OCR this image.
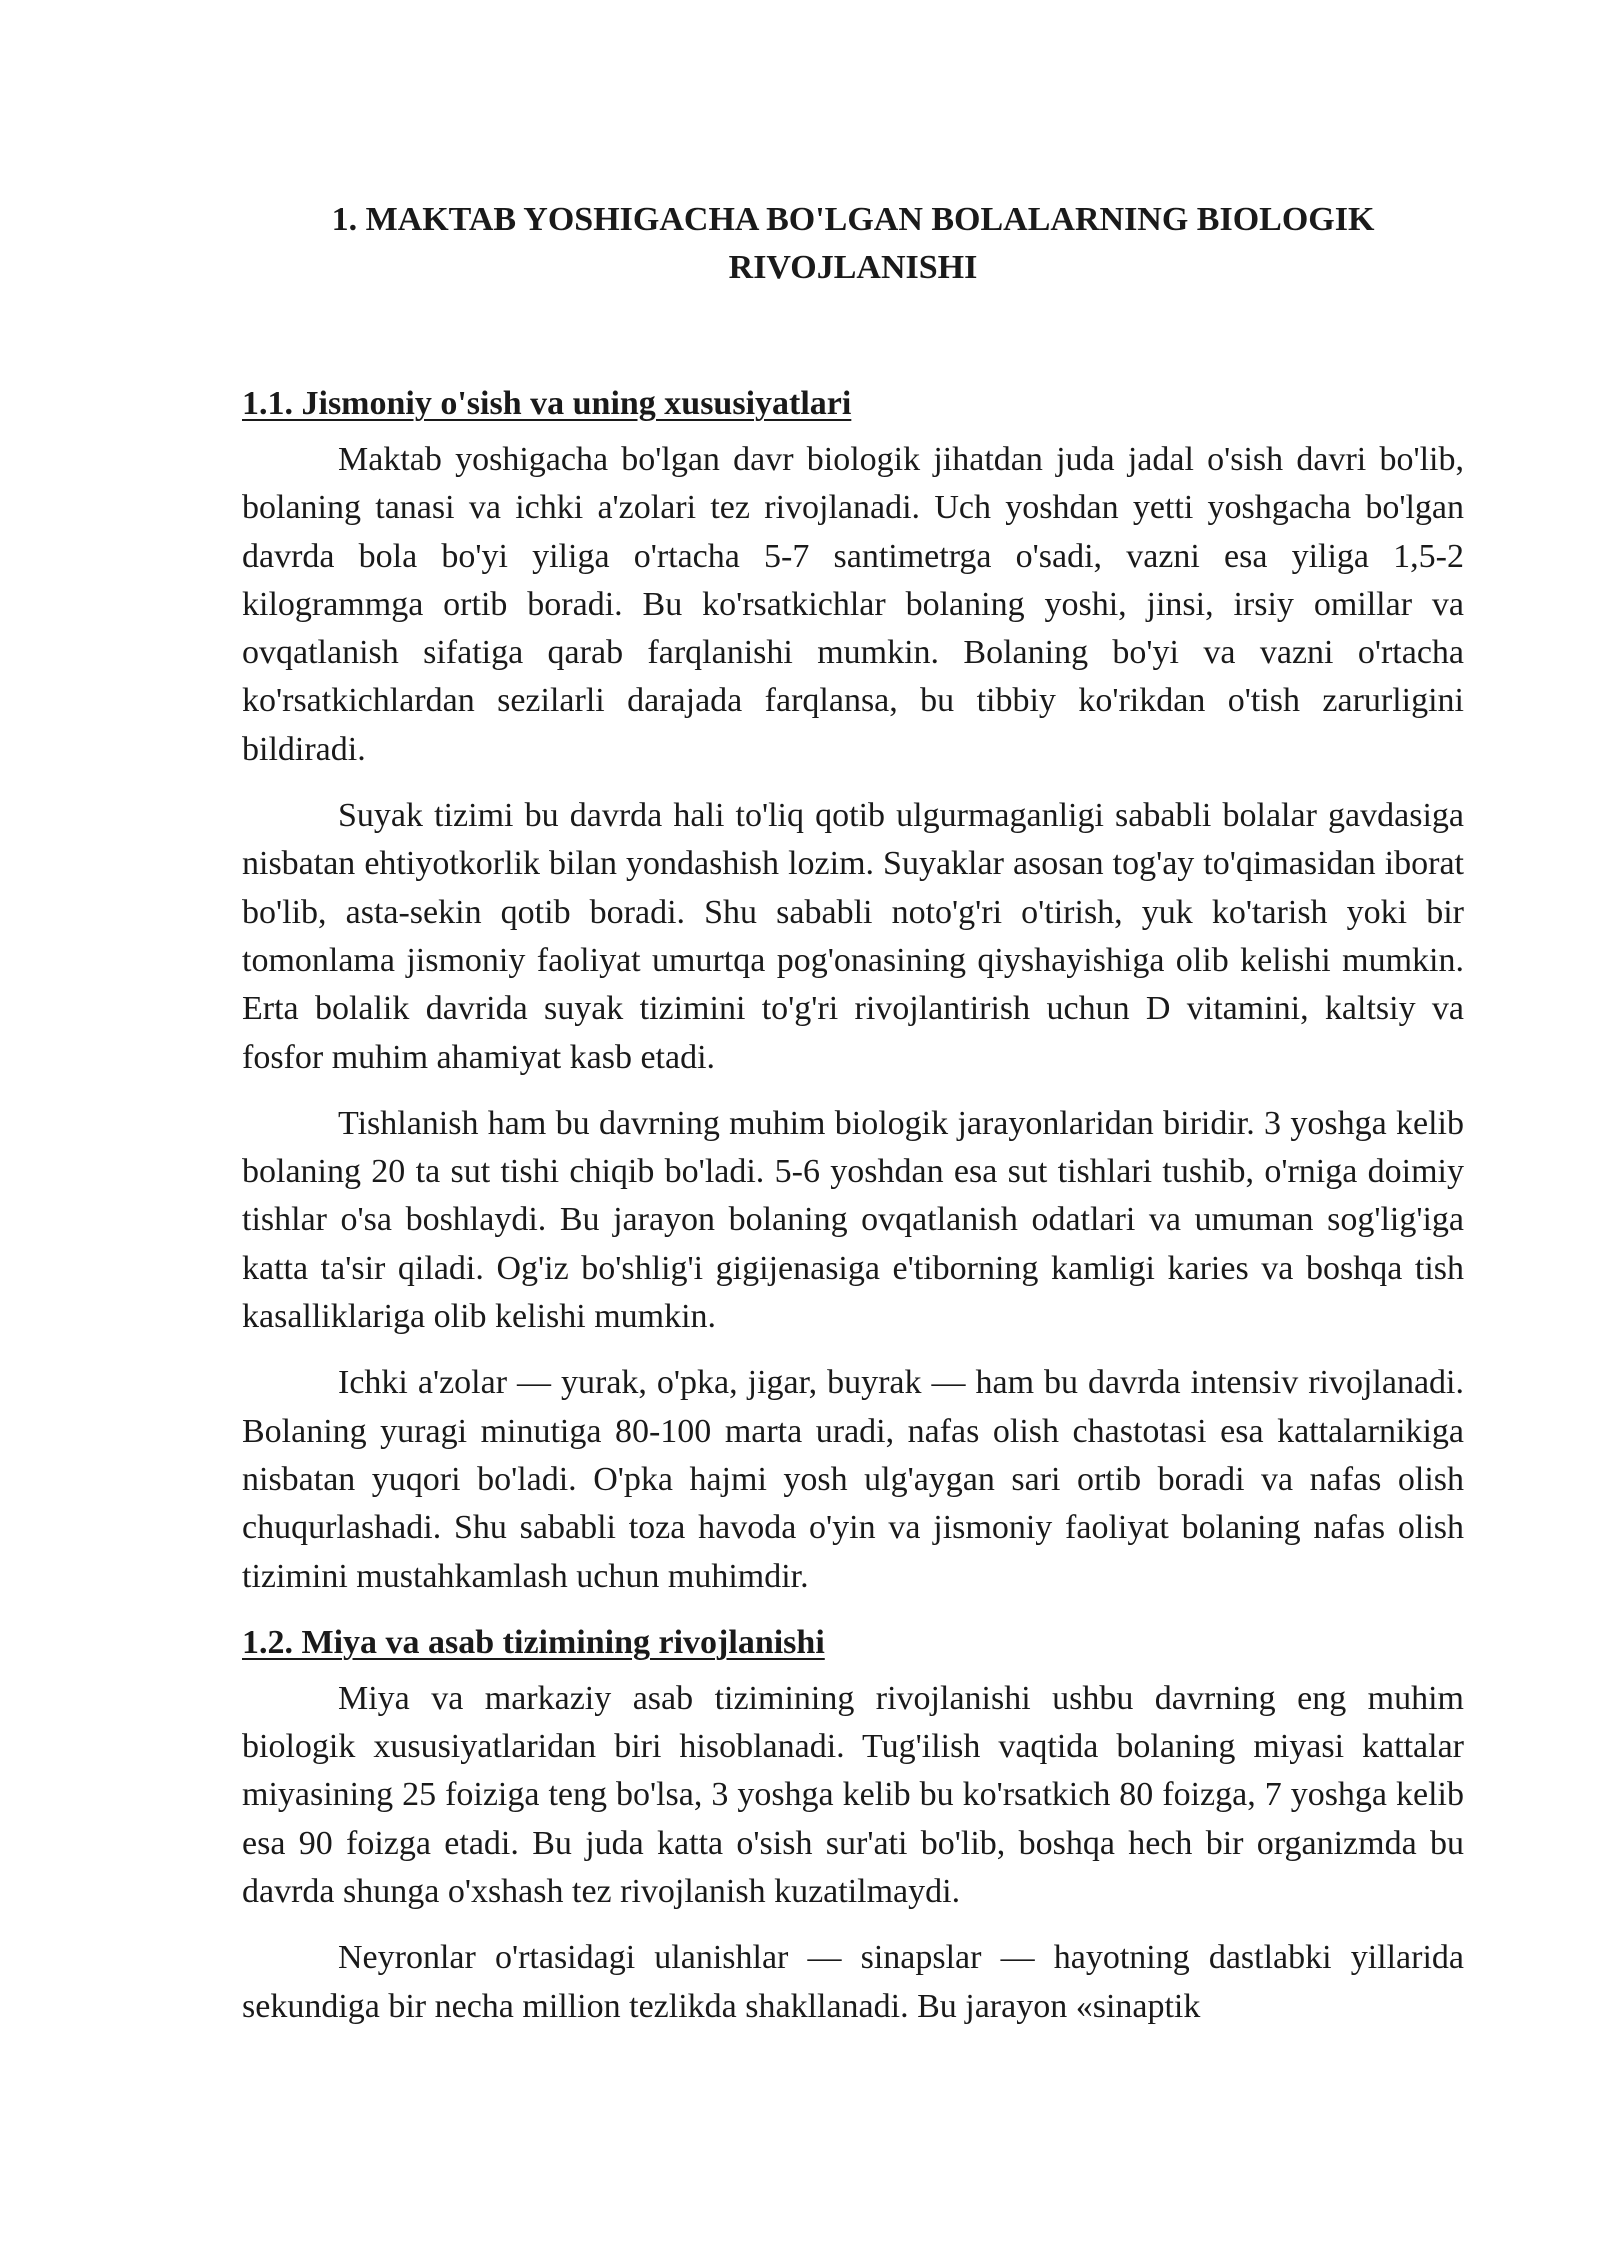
1. MAKTAB YOSHIGACHA BO'LGAN BOLALARNING BIOLOGIK RIVOJLANISHI
1.1. Jismoniy o'sish va uning xususiyatlari

Maktab yoshigacha bo'lgan davr biologik jihatdan juda jadal o'sish davri bo'lib, bolaning tanasi va ichki a'zolari tez rivojlanadi. Uch yoshdan yetti yoshgacha bo'lgan davrda bola bo'yi yiliga o'rtacha 5-7 santimetrga o'sadi, vazni esa yiliga 1,5-2 kilogrammga ortib boradi. Bu ko'rsatkichlar bolaning yoshi, jinsi, irsiy omillar va ovqatlanish sifatiga qarab farqlanishi mumkin. Bolaning bo'yi va vazni o'rtacha ko'rsatkichlardan sezilarli darajada farqlansa, bu tibbiy ko'rikdan o'tish zarurligini bildiradi.

Suyak tizimi bu davrda hali to'liq qotib ulgurmaganligi sababli bolalar gavdasiga nisbatan ehtiyotkorlik bilan yondashish lozim. Suyaklar asosan tog'ay to'qimasidan iborat bo'lib, asta-sekin qotib boradi. Shu sababli noto'g'ri o'tirish, yuk ko'tarish yoki bir tomonlama jismoniy faoliyat umurtqa pog'onasining qiyshayishiga olib kelishi mumkin. Erta bolalik davrida suyak tizimini to'g'ri rivojlantirish uchun D vitamini, kaltsiy va fosfor muhim ahamiyat kasb etadi.

Tishlanish ham bu davrning muhim biologik jarayonlaridan biridir. 3 yoshga kelib bolaning 20 ta sut tishi chiqib bo'ladi. 5-6 yoshdan esa sut tishlari tushib, o'rniga doimiy tishlar o'sa boshlaydi. Bu jarayon bolaning ovqatlanish odatlari va umuman sog'lig'iga katta ta'sir qiladi. Og'iz bo'shlig'i gigijenasiga e'tiborning kamligi karies va boshqa tish kasalliklariga olib kelishi mumkin.

Ichki a'zolar — yurak, o'pka, jigar, buyrak — ham bu davrda intensiv rivojlanadi. Bolaning yuragi minutiga 80-100 marta uradi, nafas olish chastotasi esa kattalarnikiga nisbatan yuqori bo'ladi. O'pka hajmi yosh ulg'aygan sari ortib boradi va nafas olish chuqurlashadi. Shu sababli toza havoda o'yin va jismoniy faoliyat bolaning nafas olish tizimini mustahkamlash uchun muhimdir.

1.2. Miya va asab tizimining rivojlanishi

Miya va markaziy asab tizimining rivojlanishi ushbu davrning eng muhim biologik xususiyatlaridan biri hisoblanadi. Tug'ilish vaqtida bolaning miyasi kattalar miyasining 25 foiziga teng bo'lsa, 3 yoshga kelib bu ko'rsatkich 80 foizga, 7 yoshga kelib esa 90 foizga etadi. Bu juda katta o'sish sur'ati bo'lib, boshqa hech bir organizmda bu davrda shunga o'xshash tez rivojlanish kuzatilmaydi.

Neyronlar o'rtasidagi ulanishlar — sinapslar — hayotning dastlabki yillarida sekundiga bir necha million tezlikda shakllanadi. Bu jarayon «sinaptik
